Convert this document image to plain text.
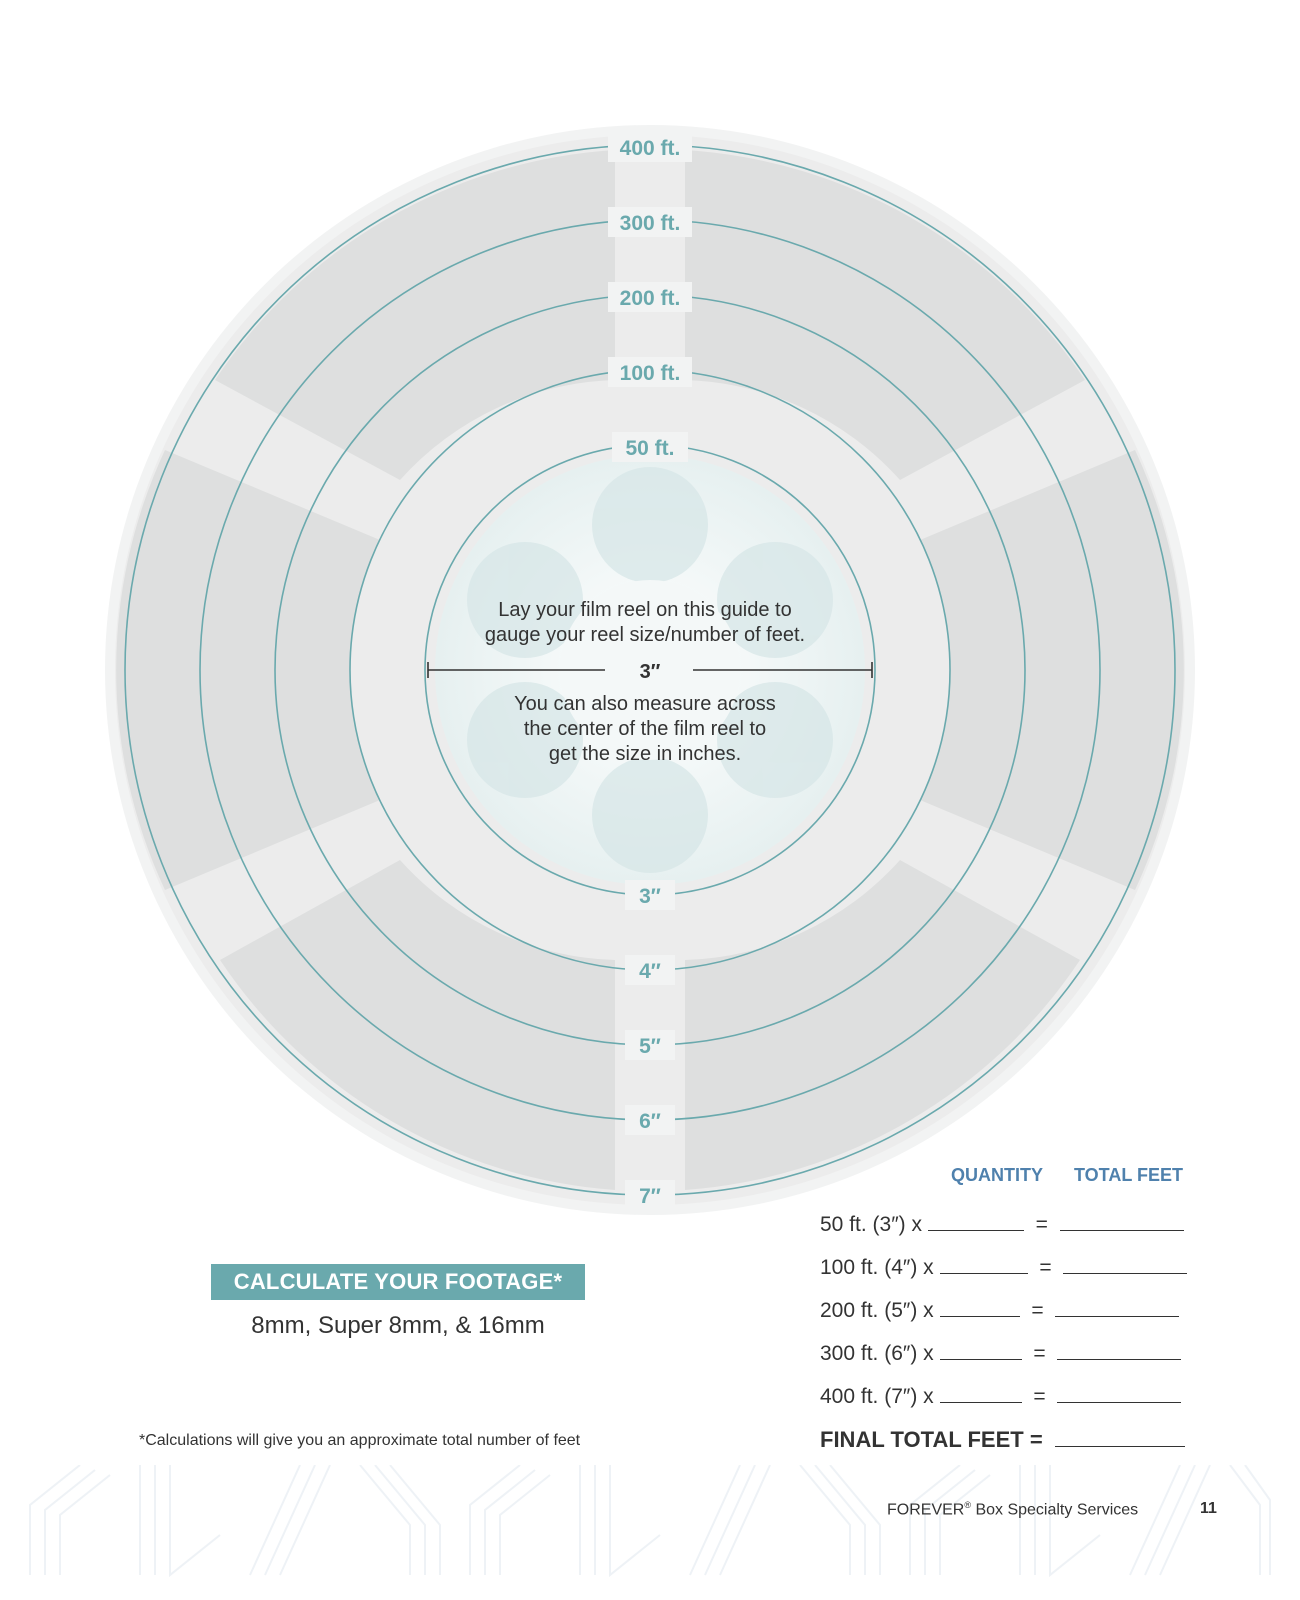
400 ft.
300 ft.
200 ft.
100 ft.
50 ft.
3″
4″
5″
6″
7″
3″
Lay your film reel on this guide to
gauge your reel size/number of feet.
You can also measure across
the center of the film reel to
get the size in inches.
CALCULATE YOUR FOOTAGE*
8mm, Super 8mm, & 16mm
*Calculations will give you an approximate total number of feet
QUANTITY TOTAL FEET
50 ft. (3″) x	=
100 ft. (4″) x	=
200 ft. (5″) x	=
300 ft. (6″) x	=
400 ft. (7″) x	=
FINAL TOTAL FEET =
FOREVER® Box Specialty Services	11
